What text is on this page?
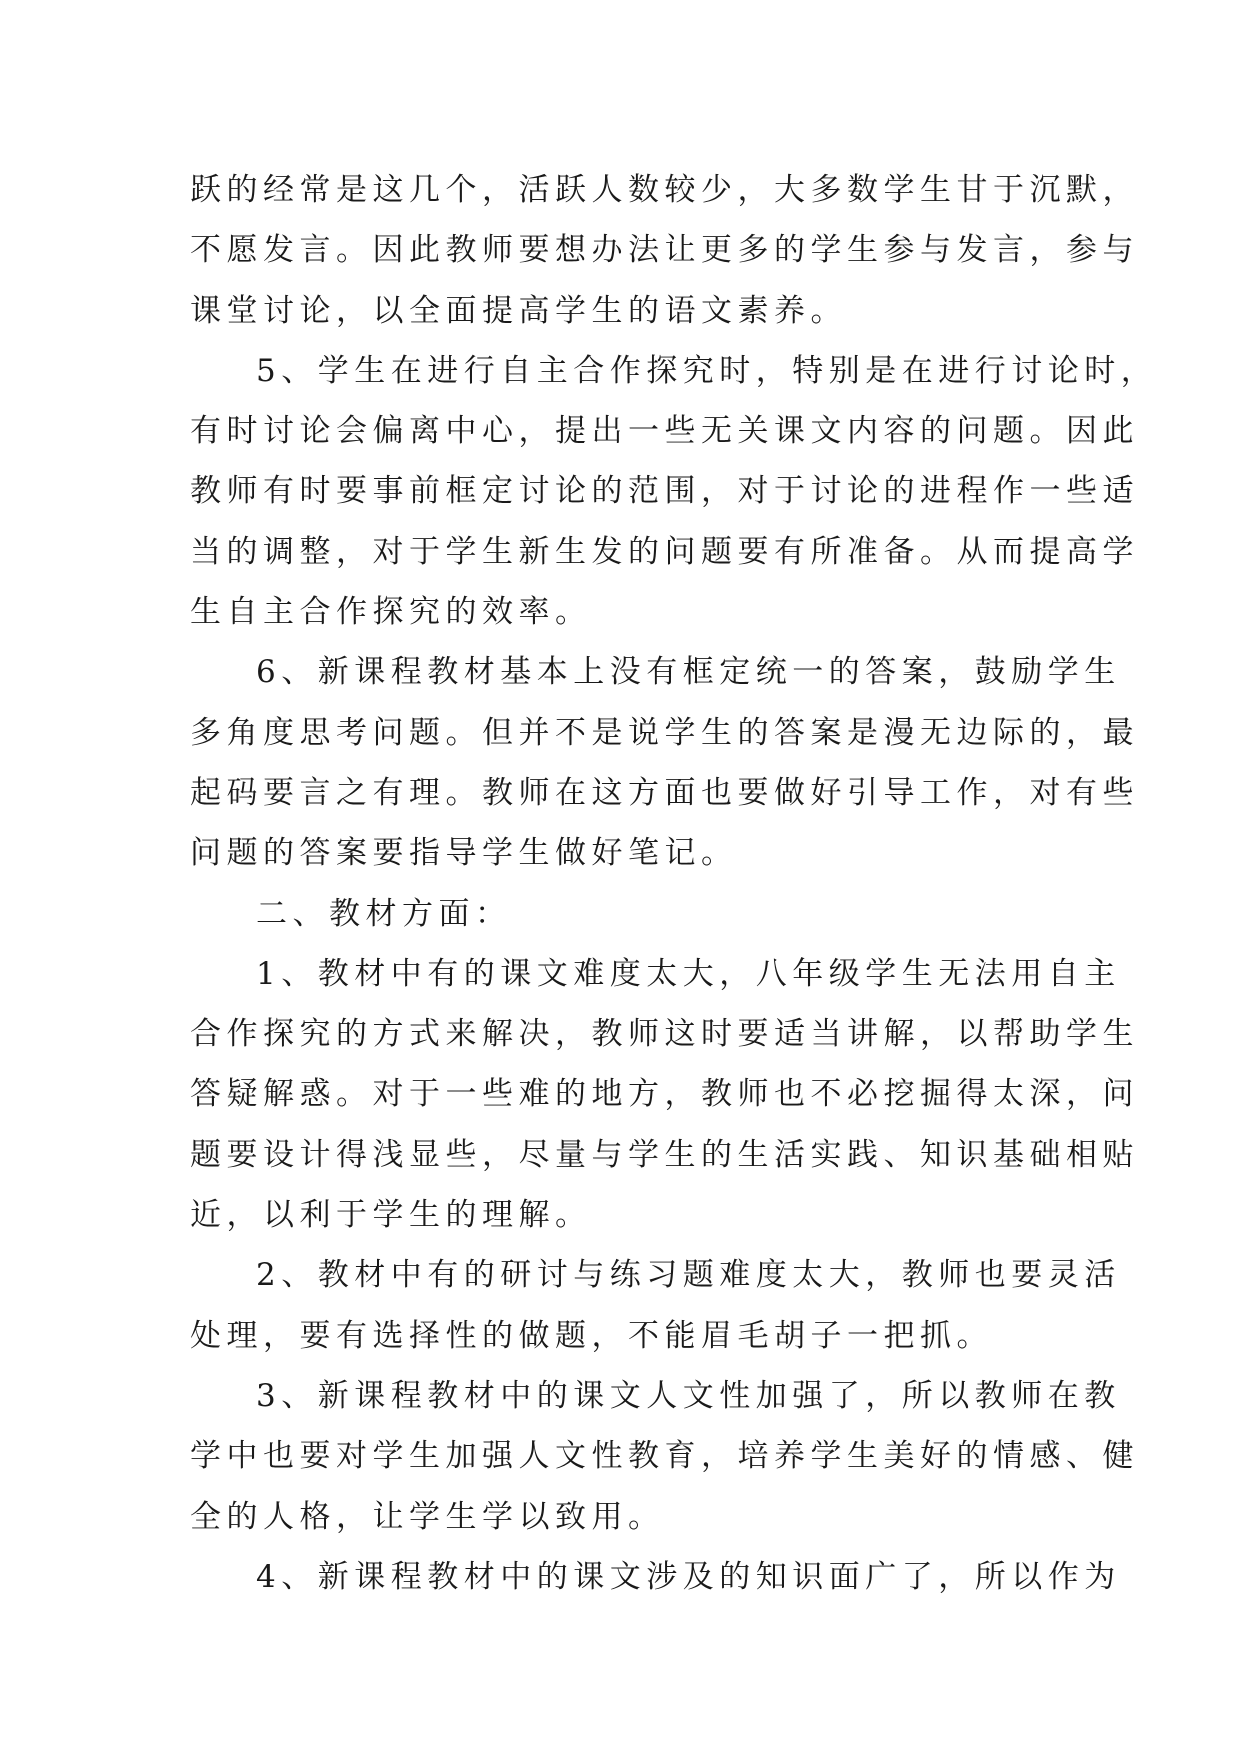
跃的经常是这几个，活跃人数较少，大多数学生甘于沉默，
不愿发言。因此教师要想办法让更多的学生参与发言，参与
课堂讨论，以全面提高学生的语文素养。
5、学生在进行自主合作探究时，特别是在进行讨论时，
有时讨论会偏离中心，提出一些无关课文内容的问题。因此
教师有时要事前框定讨论的范围，对于讨论的进程作一些适
当的调整，对于学生新生发的问题要有所准备。从而提高学
生自主合作探究的效率。
6、新课程教材基本上没有框定统一的答案，鼓励学生
多角度思考问题。但并不是说学生的答案是漫无边际的，最
起码要言之有理。教师在这方面也要做好引导工作，对有些
问题的答案要指导学生做好笔记。
二、教材方面：
1、教材中有的课文难度太大，八年级学生无法用自主
合作探究的方式来解决，教师这时要适当讲解，以帮助学生
答疑解惑。对于一些难的地方，教师也不必挖掘得太深，问
题要设计得浅显些，尽量与学生的生活实践、知识基础相贴
近，以利于学生的理解。
2、教材中有的研讨与练习题难度太大，教师也要灵活
处理，要有选择性的做题，不能眉毛胡子一把抓。
3、新课程教材中的课文人文性加强了，所以教师在教
学中也要对学生加强人文性教育，培养学生美好的情感、健
全的人格，让学生学以致用。
4、新课程教材中的课文涉及的知识面广了，所以作为
